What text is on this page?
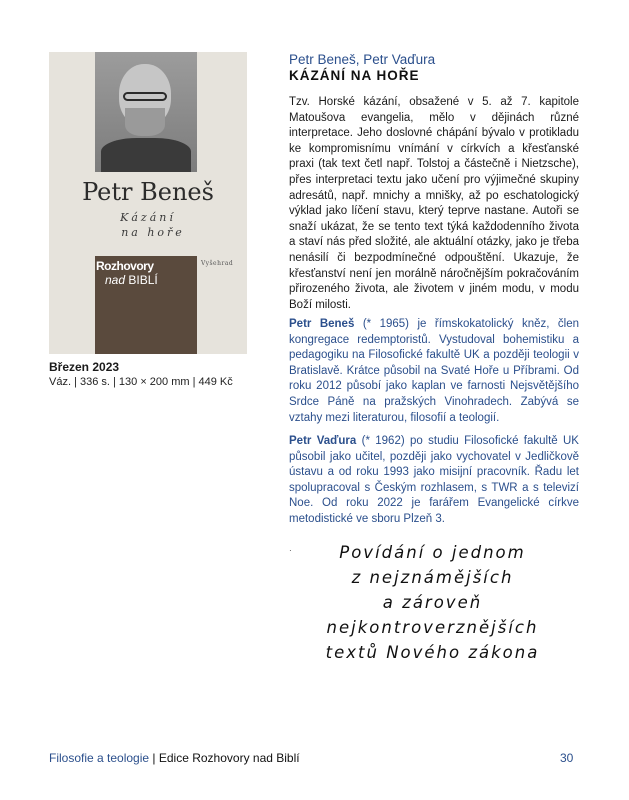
Petr Beneš
Kázání
na hoře
Rozhovory
nad BIBLÍ
Vyšehrad
Březen 2023
Váz. | 336 s. | 130 × 200 mm | 449 Kč
Petr Beneš, Petr Vaďura
KÁZÁNÍ NA HOŘE
Tzv. Horské kázání, obsažené v 5. až 7. kapitole Matoušova evangelia, mělo v dějinách různé interpretace. Jeho doslovné chápání bývalo v protikladu ke kompromisnímu vnímání v církvích a křesťanské praxi (tak text četl např. Tolstoj a částečně i Nietzsche), přes interpretaci textu jako učení pro výjimečné skupiny adresátů, např. mnichy a mnišky, až po eschatologický výklad jako líčení stavu, který teprve nastane. Autoři se snaží ukázat, že se tento text týká každodenního života a staví nás před složité, ale aktuální otázky, jako je třeba nenásilí či bezpodmínečné odpouštění. Ukazuje, že křesťanství není jen morálně náročnějším pokračováním přirozeného života, ale životem v jiném modu, v modu Boží milosti.
Petr Beneš (* 1965) je římskokatolický kněz, člen kongregace redemptoristů. Vystudoval bohemistiku a pedagogiku na Filosofické fakultě UK a později teologii v Bratislavě. Krátce působil na Svaté Hoře u Příbrami. Od roku 2012 působí jako kaplan ve farnosti Nejsvětějšího Srdce Páně na pražských Vinohradech. Zabývá se vztahy mezi literaturou, filosofií a teologií.
Petr Vaďura (* 1962) po studiu Filosofické fakultě UK působil jako učitel, později jako vychovatel v Jedličkově ústavu a od roku 1993 jako misijní pracovník. Řadu let spolupracoval s Českým rozhlasem, s TWR a s televizí Noe. Od roku 2022 je farářem Evangelické církve metodistické ve sboru Plzeň 3.
·	Povídání o jednom
z nejznámějších
a zároveň
nejkontroverznějších
textů Nového zákona
Filosofie a teologie | Edice Rozhovory nad Biblí	30
